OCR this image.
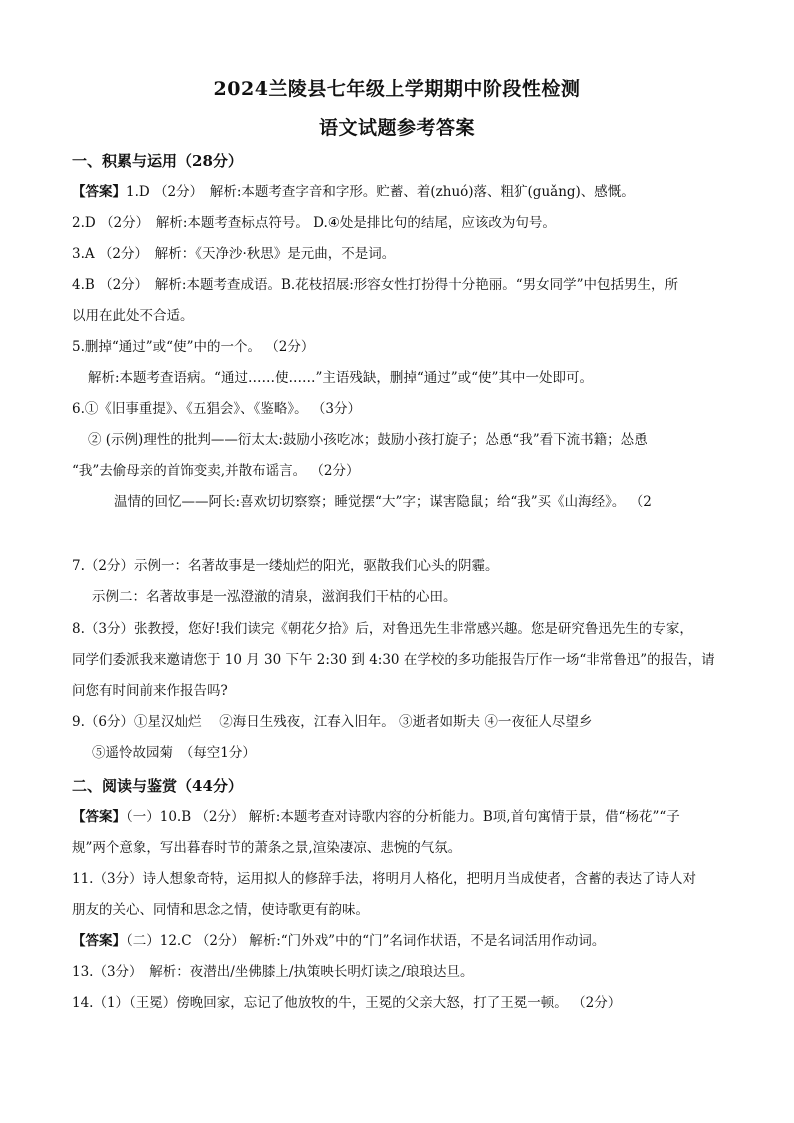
2024兰陵县七年级上学期期中阶段性检测
语文试题参考答案
一、积累与运用（28分）
【答案】1.D （2分）　解析:本题考查字音和字形。贮蓄、着(zhuó)落、粗犷(guǎng)、感慨。
2.D （2分）　解析:本题考查标点符号。 D.④处是排比句的结尾，应该改为句号。
3.A （2分）　解析：《天净沙·秋思》是元曲，不是词。
4.B （2分）　解析:本题考查成语。B.花枝招展:形容女性打扮得十分艳丽。“男女同学”中包括男生，所
以用在此处不合适。
5.删掉“通过”或“使”中的一个。 （2分）
解析:本题考查语病。“通过……使……”主语残缺，删掉“通过”或“使”其中一处即可。
6.①《旧事重提》、《五猖会》、《鉴略》。 （3分）
② (示例)理性的批判——衍太太:鼓励小孩吃冰；鼓励小孩打旋子；怂恿“我”看下流书籍；怂恿
“我”去偷母亲的首饰变卖,并散布谣言。 （2分）
温情的回忆——阿长:喜欢切切察察；睡觉摆“大”字；谋害隐鼠；给“我”买《山海经》。 （2
7.（2分）示例一：名著故事是一缕灿烂的阳光，驱散我们心头的阴霾。
示例二：名著故事是一泓澄澈的清泉，滋润我们干枯的心田。
8.（3分）张教授，您好!我们读完《朝花夕拾》后，对鲁迅先生非常感兴趣。您是研究鲁迅先生的专家，
同学们委派我来邀请您于 10 月 30 下午 2:30 到 4:30 在学校的多功能报告厅作一场“非常鲁迅”的报告，请
问您有时间前来作报告吗?
9.（6分）①星汉灿烂　 ②海日生残夜，江春入旧年。 ③逝者如斯夫 ④一夜征人尽望乡
⑤遥怜故园菊　（每空1分）
二、阅读与鉴赏（44分）
【答案】（一）10.B （2分） 解析:本题考查对诗歌内容的分析能力。B项,首句寓情于景，借“杨花”“子
规”两个意象，写出暮春时节的萧条之景,渲染凄凉、悲惋的气氛。
11.（3分）诗人想象奇特，运用拟人的修辞手法，将明月人格化，把明月当成使者，含蓄的表达了诗人对
朋友的关心、同情和思念之情，使诗歌更有韵味。
【答案】（二）12.C （2分） 解析:“门外戏”中的“门”名词作状语，不是名词活用作动词。
13.（3分）　解析：夜潜出/坐佛膝上/执策映长明灯读之/琅琅达旦。
14.（1）（王冕）傍晚回家，忘记了他放牧的牛，王冕的父亲大怒，打了王冕一顿。 （2分）
